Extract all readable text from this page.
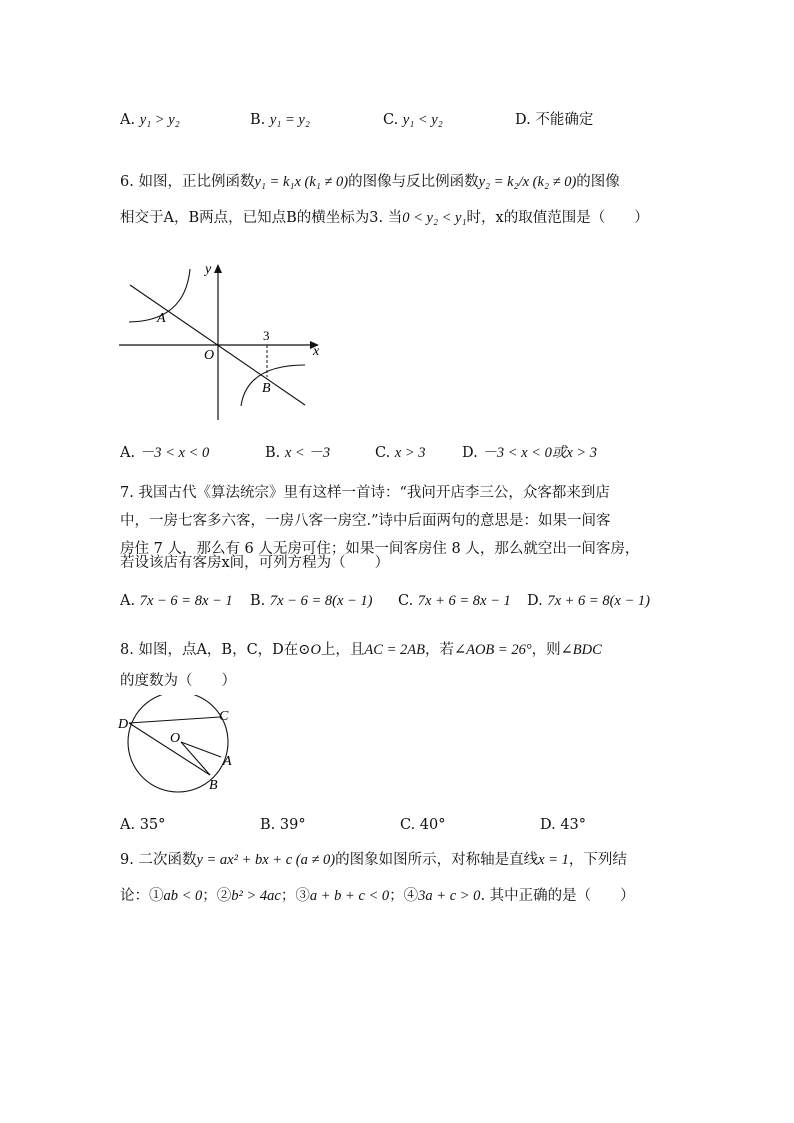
A. y₁ > y₂	B. y₁ = y₂	C. y₁ < y₂	D. 不能确定
6. 如图，正比例函数y₁ = k₁x (k₁ ≠ 0)的图像与反比例函数y₂ = k₂/x (k₂ ≠ 0)的图像
相交于A，B两点，已知点B的横坐标为3. 当0 < y₂ < y₁时，x的取值范围是（　　）
x
y
O
A
B
3
A. －3 < x < 0	B. x < －3	C. x > 3	D. －3 < x < 0或x > 3
7. 我国古代《算法统宗》里有这样一首诗：“我问开店李三公，众客都来到店
中，一房七客多六客，一房八客一房空.”诗中后面两句的意思是：如果一间客
房住 7 人，那么有 6 人无房可住；如果一间客房住 8 人，那么就空出一间客房，
若设该店有客房x间，可列方程为（　　）
A. 7x − 6 = 8x − 1 B. 7x − 6 = 8(x − 1) C. 7x + 6 = 8x − 1 D. 7x + 6 = 8(x − 1)
8. 如图，点A，B，C，D在⊙O上，且AC = 2AB，若∠AOB = 26°，则∠BDC
的度数为（　　）
D
C
O
A
B
A. 35°	B. 39°	C. 40°	D. 43°
9. 二次函数y = ax² + bx + c (a ≠ 0)的图象如图所示，对称轴是直线x = 1，下列结
论：①ab < 0；②b² > 4ac；③a + b + c < 0；④3a + c > 0. 其中正确的是（　　）
